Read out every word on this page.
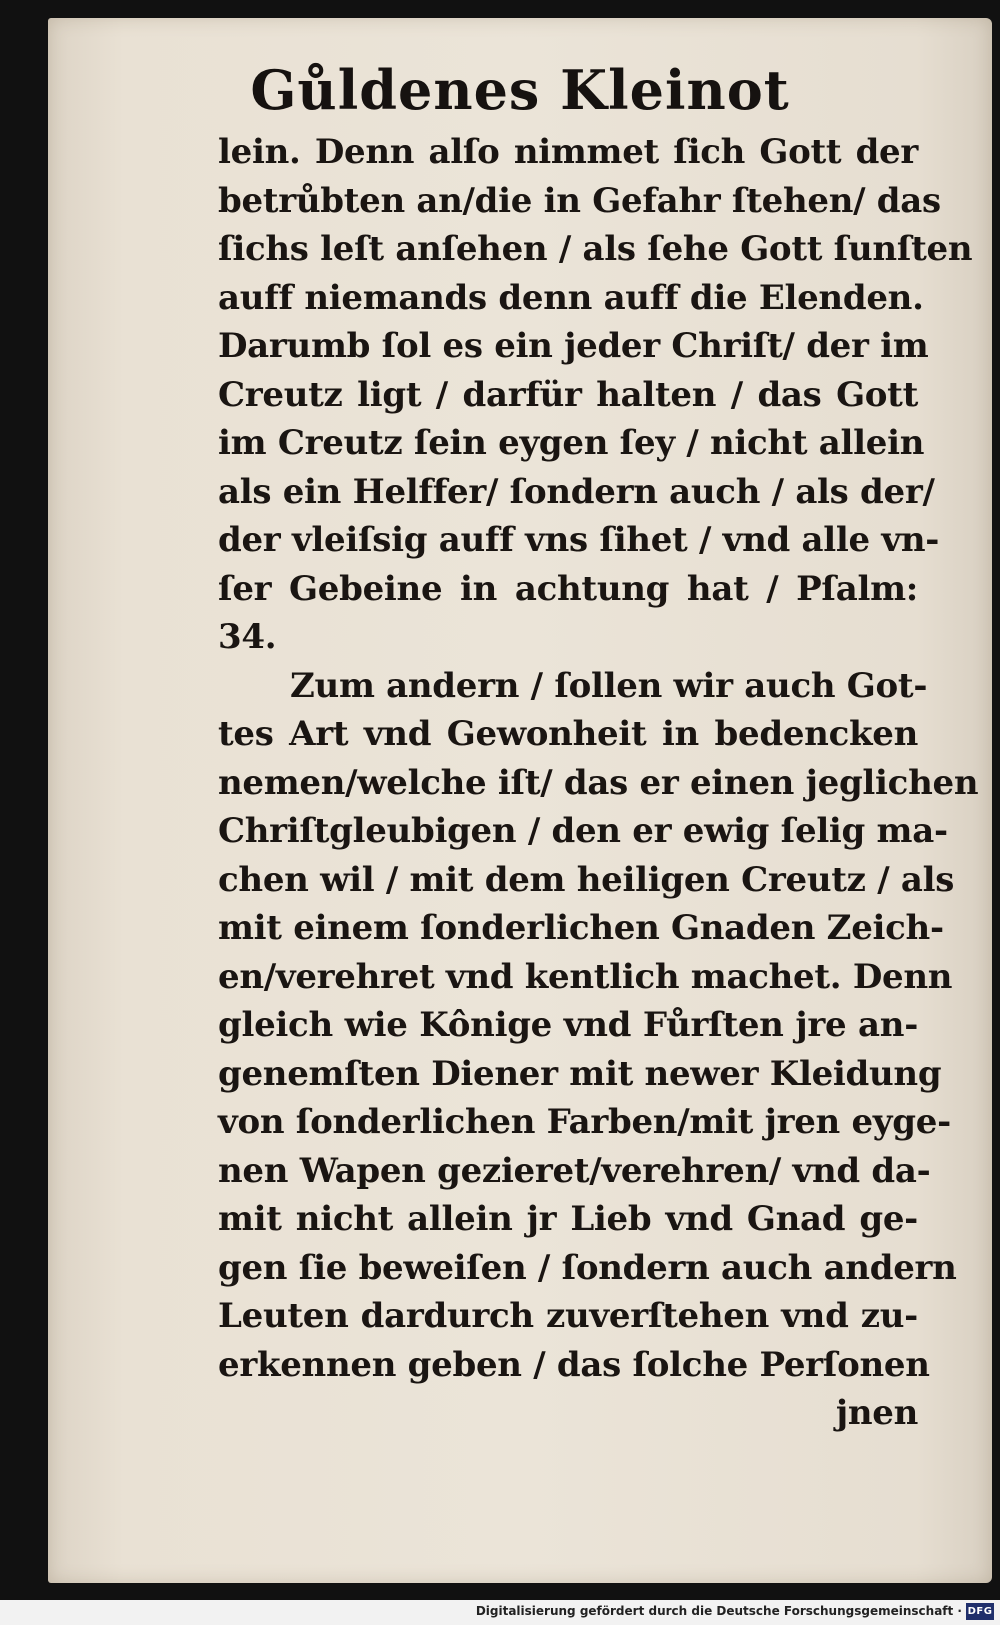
Gůldenes Kleinot
lein. Denn alſo nimmet ſich Gott der
betrůbten an/die in Gefahr ſtehen/ das
ſichs leſt anſehen / als ſehe Gott ſunſten
auff niemands denn auff die Elenden.
Darumb ſol es ein jeder Chriſt/ der im
Creutz ligt / darfür halten / das Gott
im Creutz ſein eygen ſey / nicht allein
als ein Helffer/ ſondern auch / als der/
der vleiſsig auff vns ſihet / vnd alle vn-
ſer Gebeine in achtung hat / Pſalm:
34.
Zum andern / ſollen wir auch Got-
tes Art vnd Gewonheit in bedencken
nemen/welche iſt/ das er einen jeglichen
Chriſtgleubigen / den er ewig ſelig ma-
chen wil / mit dem heiligen Creutz / als
mit einem ſonderlichen Gnaden Zeich-
en/verehret vnd kentlich machet. Denn
gleich wie Kônige vnd Fůrſten jre an-
genemſten Diener mit newer Kleidung
von ſonderlichen Farben/mit jren eyge-
nen Wapen gezieret/verehren/ vnd da-
mit nicht allein jr Lieb vnd Gnad ge-
gen ſie beweiſen / ſondern auch andern
Leuten dardurch zuverſtehen vnd zu-
erkennen geben / das ſolche Perſonen
jnen
Digitalisierung gefördert durch die Deutsche Forschungsgemeinschaft · DFG
